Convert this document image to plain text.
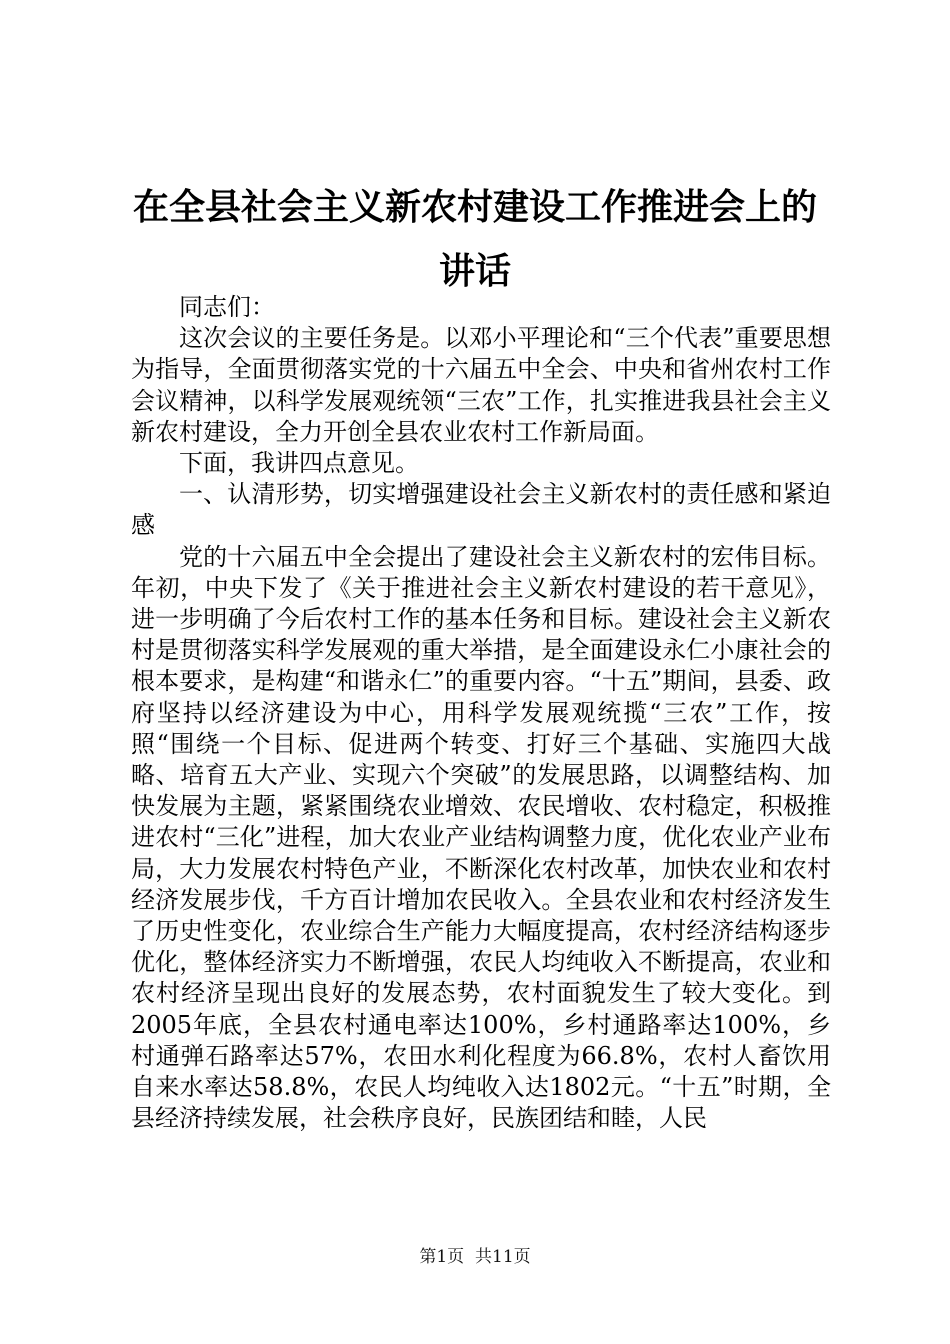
在全县社会主义新农村建设工作推进会上的讲话

同志们：

这次会议的主要任务是。以邓小平理论和“三个代表”重要思想为指导，全面贯彻落实党的十六届五中全会、中央和省州农村工作会议精神，以科学发展观统领“三农”工作，扎实推进我县社会主义新农村建设，全力开创全县农业农村工作新局面。

下面，我讲四点意见。

一、认清形势，切实增强建设社会主义新农村的责任感和紧迫感

党的十六届五中全会提出了建设社会主义新农村的宏伟目标。年初，中央下发了《关于推进社会主义新农村建设的若干意见》，进一步明确了今后农村工作的基本任务和目标。建设社会主义新农村是贯彻落实科学发展观的重大举措，是全面建设永仁小康社会的根本要求，是构建“和谐永仁”的重要内容。“十五”期间，县委、政府坚持以经济建设为中心，用科学发展观统揽“三农”工作，按照“围绕一个目标、促进两个转变、打好三个基础、实施四大战略、培育五大产业、实现六个突破”的发展思路，以调整结构、加快发展为主题，紧紧围绕农业增效、农民增收、农村稳定，积极推进农村“三化”进程，加大农业产业结构调整力度，优化农业产业布局，大力发展农村特色产业，不断深化农村改革，加快农业和农村经济发展步伐，千方百计增加农民收入。全县农业和农村经济发生了历史性变化，农业综合生产能力大幅度提高，农村经济结构逐步优化，整体经济实力不断增强，农民人均纯收入不断提高，农业和农村经济呈现出良好的发展态势，农村面貌发生了较大变化。到2005年底，全县农村通电率达100%，乡村通路率达100%，乡村通弹石路率达57%，农田水利化程度为66.8%，农村人畜饮用自来水率达58.8%，农民人均纯收入达1802元。“十五”时期，全县经济持续发展，社会秩序良好，民族团结和睦，人民

第1页 共11页
